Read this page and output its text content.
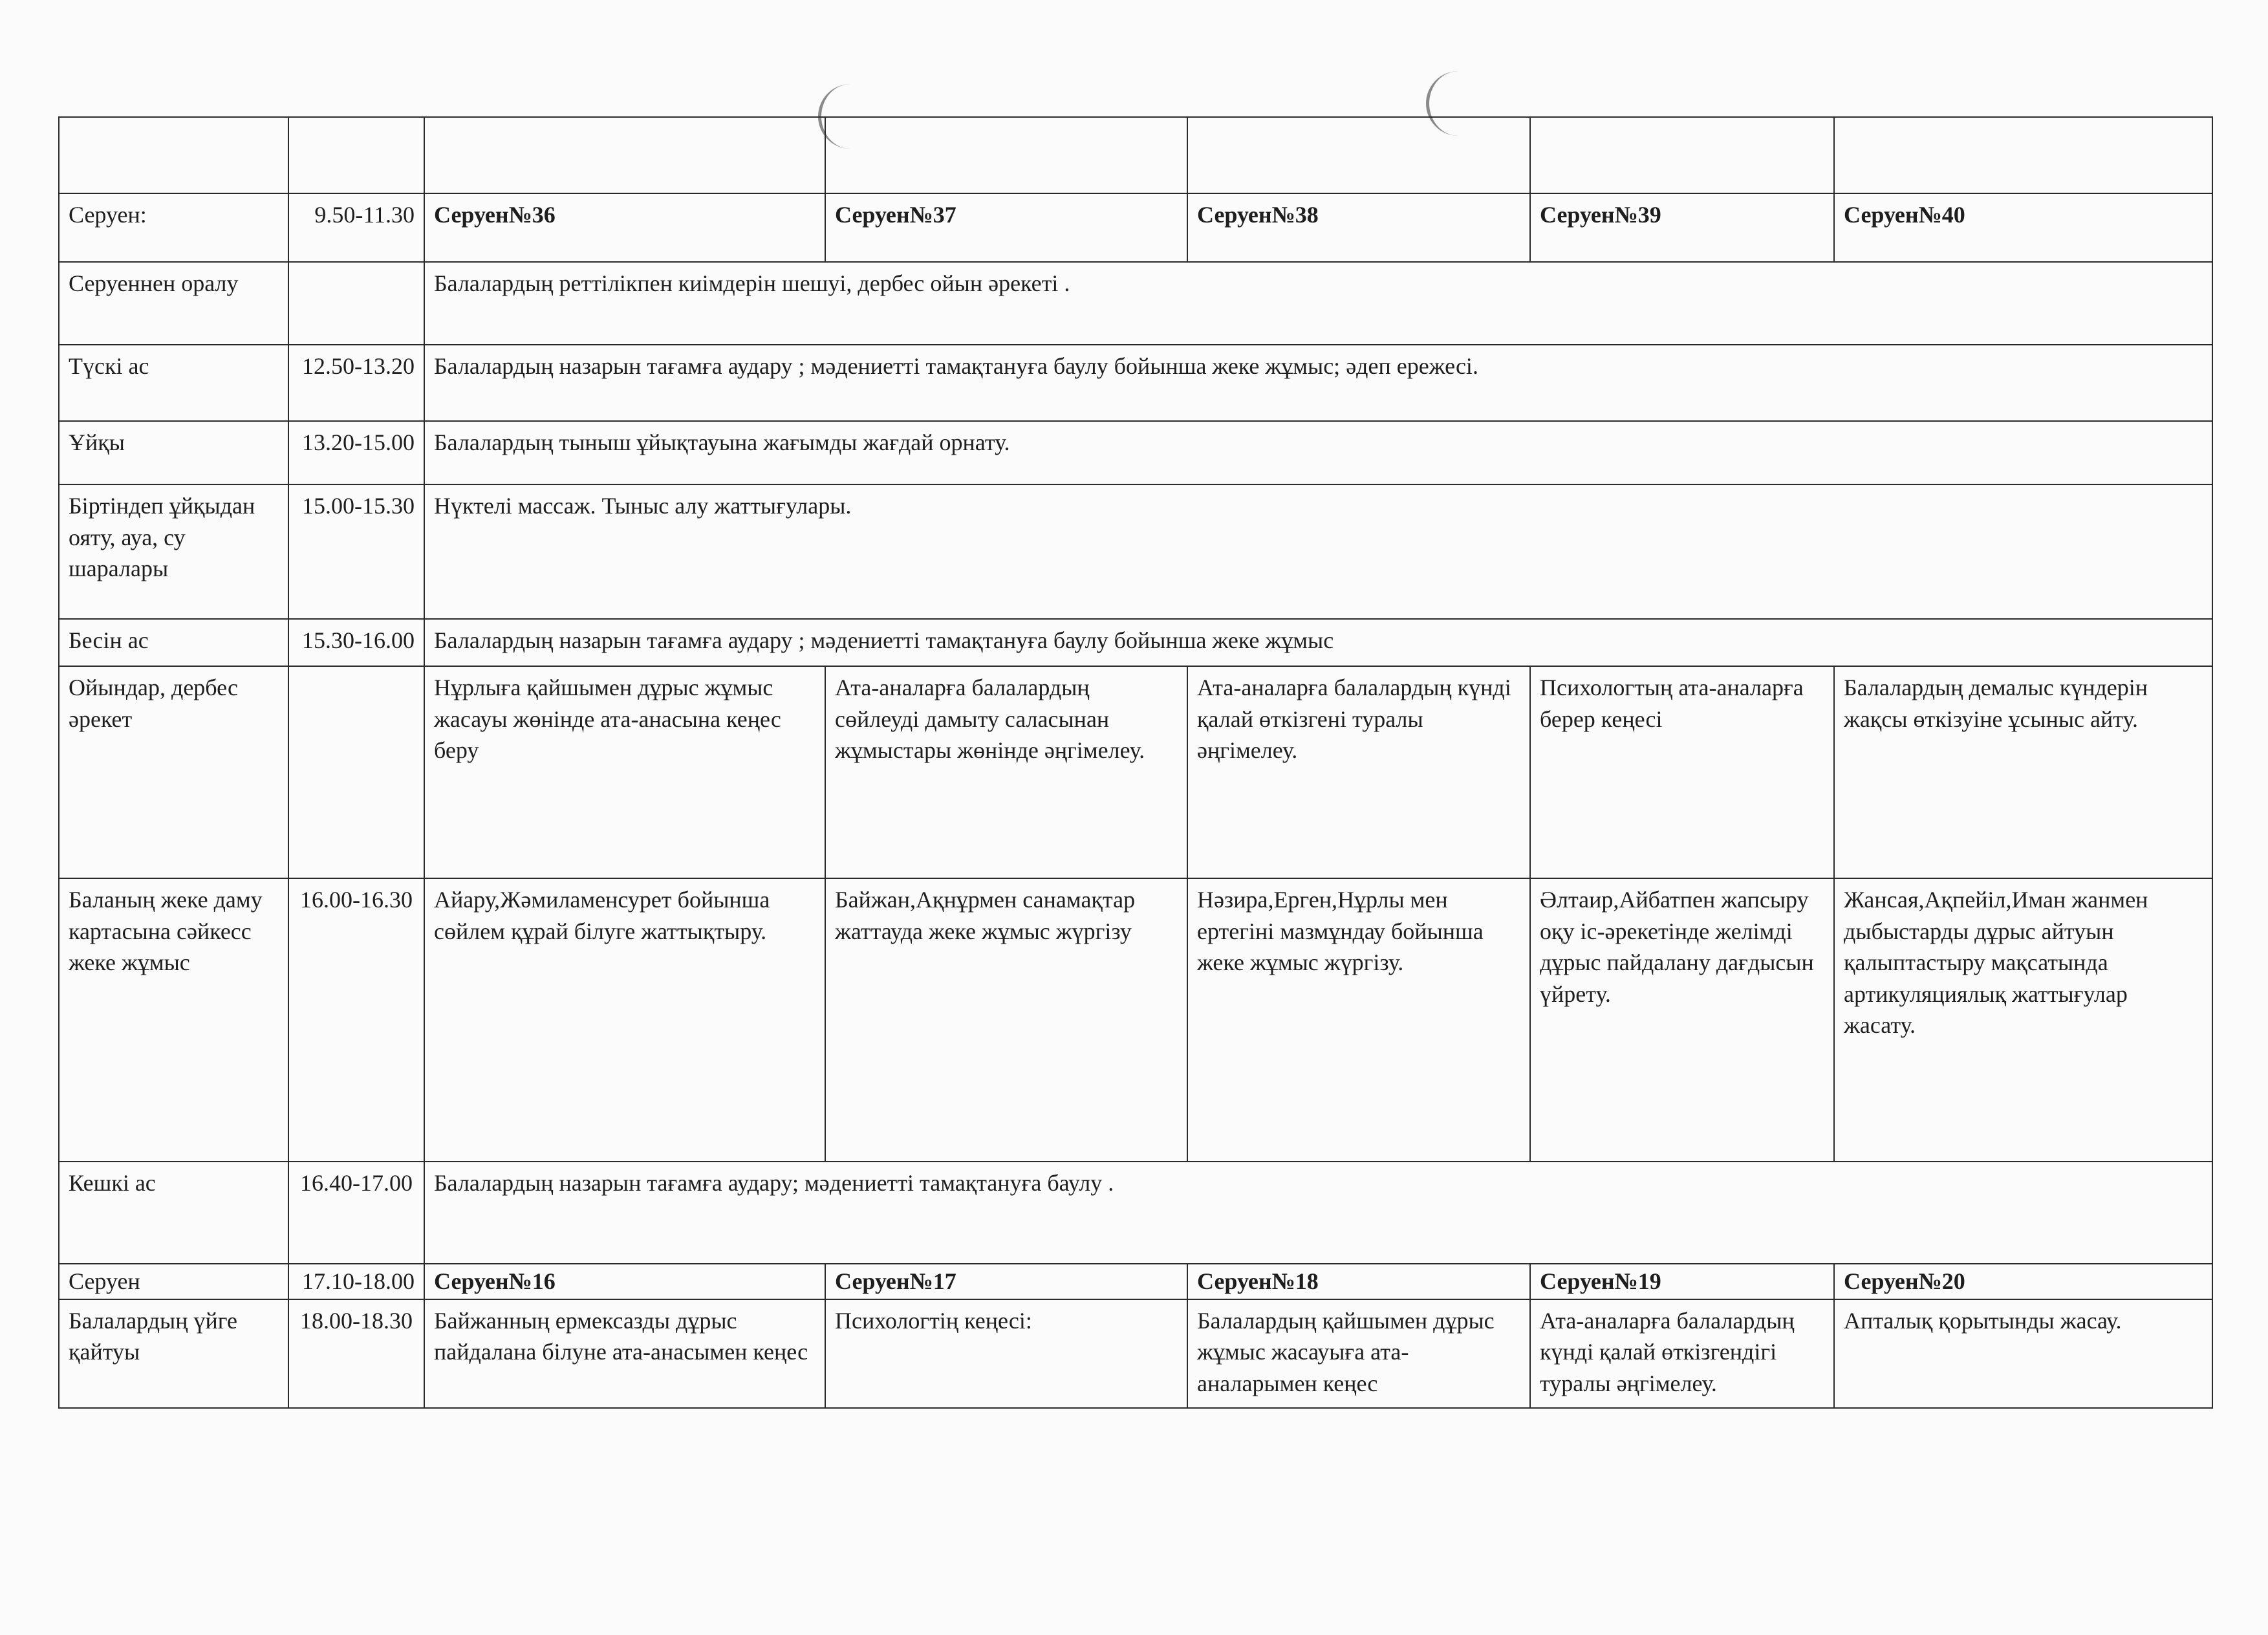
Серуен:	9.50-11.30	Серуен№36	Серуен№37	Серуен№38	Серуен№39	Серуен№40
Серуеннен оралу		Балалардың реттілікпен киімдерін шешуі, дербес ойын әрекеті .				
Түскі ас	12.50-13.20	Балалардың назарын тағамға аудару ; мәдениетті тамақтануға баулу бойынша жеке жұмыс; әдеп ережесі.				
Ұйқы	13.20-15.00	Балалардың тыныш ұйықтауына жағымды жағдай орнату.				
Біртіндеп ұйқыдан ояту, ауа, су шаралары	15.00-15.30	Нүктелі массаж. Тыныс алу жаттығулары.				
Бесін ас	15.30-16.00	Балалардың назарын тағамға аудару ; мәдениетті тамақтануға баулу бойынша жеке жұмыс				
Ойындар, дербес әрекет		Нұрлыға қайшымен дұрыс жұмыс жасауы жөнінде ата-анасына кеңес беру	Ата-аналарға балалардың сөйлеуді дамыту саласынан жұмыстары жөнінде әңгімелеу.	Ата-аналарға балалардың күнді қалай өткізгені туралы әңгімелеу.	Психологтың ата-аналарға берер кеңесі	Балалардың демалыс күндерін жақсы өткізуіне ұсыныс айту.
Баланың жеке даму картасына сәйкеcс жеке жұмыс	16.00-16.30	Айару,Жәмиламенсурет бойынша сөйлем құрай білуге жаттықтыру.	Байжан,Ақнұрмен санамақтар жаттауда жеке жұмыс жүргізу	Нәзира,Ерген,Нұрлы мен ертегіні мазмұндау бойынша жеке жұмыс жүргізу.	Әлтаир,Айбатпен жапсыру оқу іс-әрекетінде желімді дұрыс пайдалану дағдысын үйрету.	Жансая,Ақпейіл,Иман жанмен дыбыстарды дұрыс айтуын қалыптастыру мақсатында артикуляциялық жаттығулар жасату.
Кешкі ас	16.40-17.00	Балалардың назарын тағамға аудару; мәдениетті тамақтануға баулу .				
Серуен	17.10-18.00	Серуен№16	Серуен№17	Серуен№18	Серуен№19	Серуен№20
Балалардың үйге қайтуы	18.00-18.30	Байжанның ермексазды дұрыс пайдалана білуне ата-анасымен кеңес	Психологтің кеңесі:	Балалардың қайшымен дұрыс жұмыс жасауыға ата-аналарымен кеңес	Ата-аналарға балалардың күнді қалай өткізгендігі туралы әңгімелеу.	Апталық қорытынды жасау.
